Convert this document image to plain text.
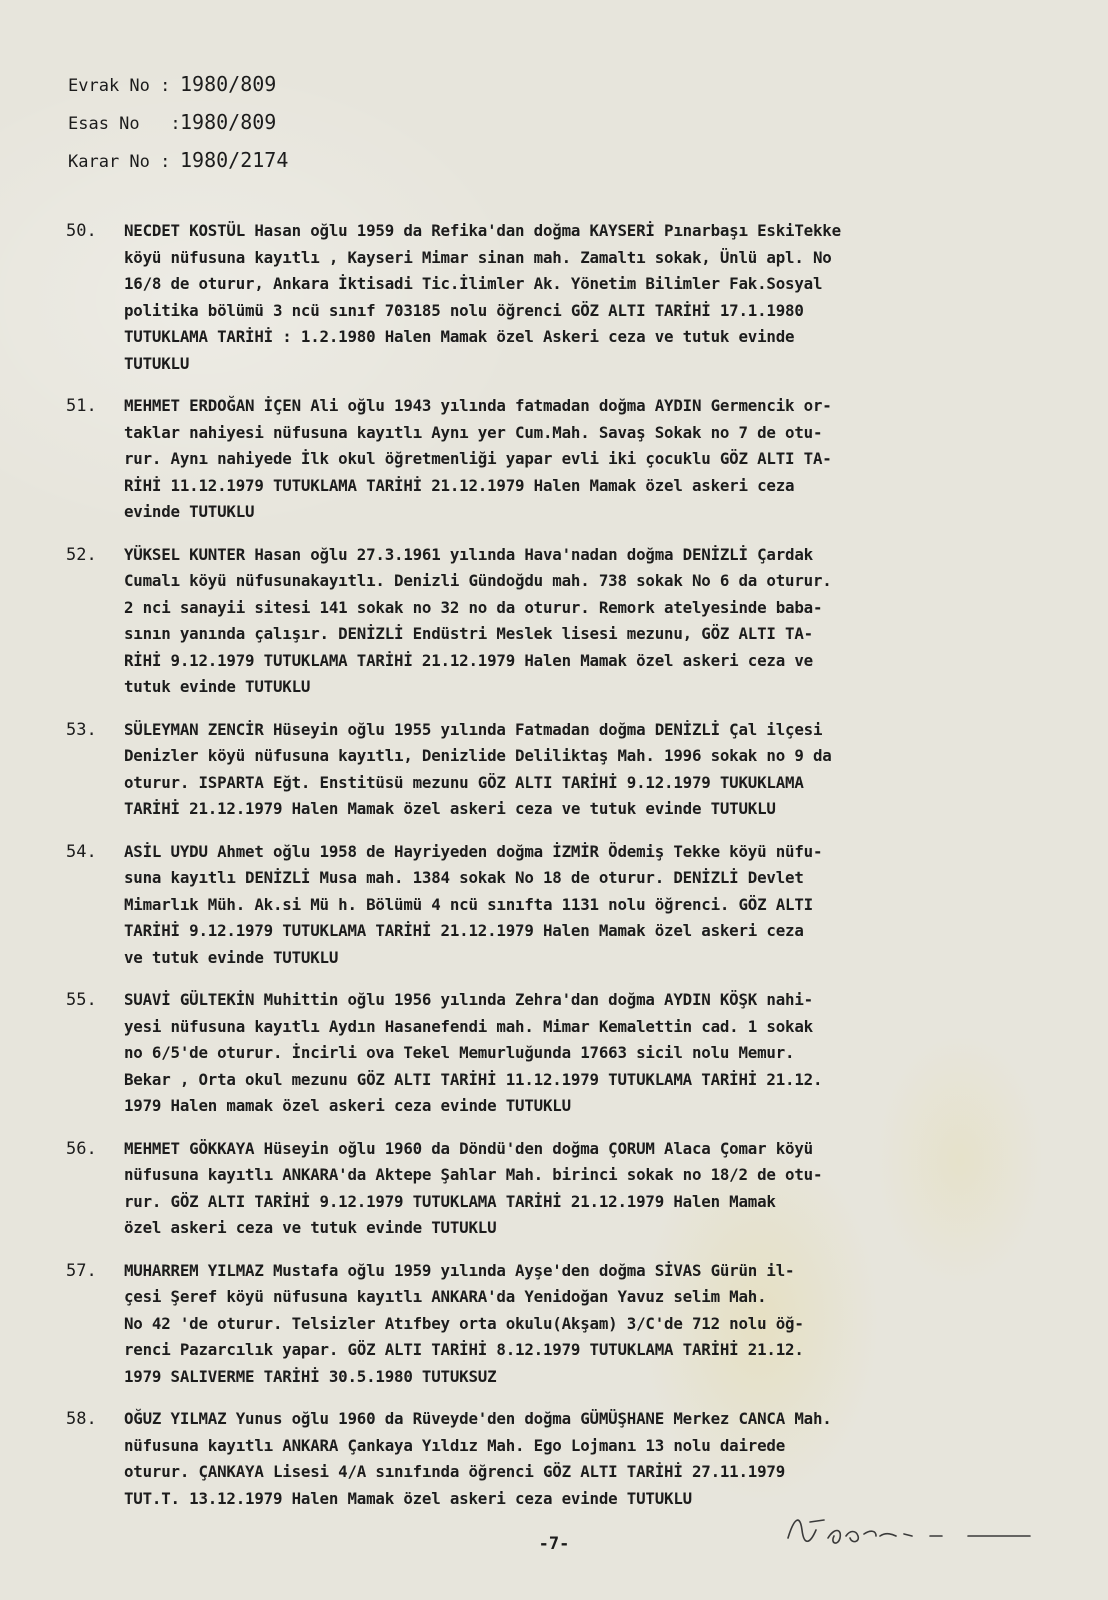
Evrak No : 1980/809
Esas No   : 1980/809
Karar No : 1980/2174
50.	NECDET KOSTÜL Hasan oğlu 1959 da Refika'dan doğma KAYSERİ Pınarbaşı EskiTekke
köyü nüfusuna kayıtlı , Kayseri Mimar sinan mah. Zamaltı sokak, Ünlü apl. No
16/8 de oturur, Ankara İktisadi Tic.İlimler Ak. Yönetim Bilimler Fak.Sosyal
politika bölümü 3 ncü sınıf 703185 nolu öğrenci GÖZ ALTI TARİHİ 17.1.1980
TUTUKLAMA TARİHİ : 1.2.1980 Halen Mamak özel Askeri ceza ve tutuk evinde
TUTUKLU
51.	MEHMET ERDOĞAN İÇEN Ali oğlu 1943 yılında fatmadan doğma AYDIN Germencik or-
taklar nahiyesi nüfusuna kayıtlı Aynı yer Cum.Mah. Savaş Sokak no 7 de otu-
rur. Aynı nahiyede İlk okul öğretmenliği yapar evli iki çocuklu GÖZ ALTI TA-
RİHİ 11.12.1979 TUTUKLAMA TARİHİ 21.12.1979 Halen Mamak özel askeri ceza
evinde TUTUKLU
52.	YÜKSEL KUNTER Hasan oğlu 27.3.1961 yılında Hava'nadan doğma DENİZLİ Çardak
Cumalı köyü nüfusunakayıtlı. Denizli Gündoğdu mah. 738 sokak No 6 da oturur.
2 nci sanayii sitesi 141 sokak no 32 no da oturur. Remork atelyesinde baba-
sının yanında çalışır. DENİZLİ Endüstri Meslek lisesi mezunu, GÖZ ALTI TA-
RİHİ 9.12.1979 TUTUKLAMA TARİHİ 21.12.1979 Halen Mamak özel askeri ceza ve
tutuk evinde TUTUKLU
53.	SÜLEYMAN ZENCİR Hüseyin oğlu 1955 yılında Fatmadan doğma DENİZLİ Çal ilçesi
Denizler köyü nüfusuna kayıtlı, Denizlide Deliliktaş Mah. 1996 sokak no 9 da
oturur. ISPARTA Eğt. Enstitüsü mezunu GÖZ ALTI TARİHİ 9.12.1979 TUKUKLAMA
TARİHİ 21.12.1979 Halen Mamak özel askeri ceza ve tutuk evinde TUTUKLU
54.	ASİL UYDU Ahmet oğlu 1958 de Hayriyeden doğma İZMİR Ödemiş Tekke köyü nüfu-
suna kayıtlı DENİZLİ Musa mah. 1384 sokak No 18 de oturur. DENİZLİ Devlet
Mimarlık Müh. Ak.si Mü h. Bölümü 4 ncü sınıfta 1131 nolu öğrenci. GÖZ ALTI
TARİHİ 9.12.1979 TUTUKLAMA TARİHİ 21.12.1979 Halen Mamak özel askeri ceza
ve tutuk evinde TUTUKLU
55.	SUAVİ GÜLTEKİN Muhittin oğlu 1956 yılında Zehra'dan doğma AYDIN KÖŞK nahi-
yesi nüfusuna kayıtlı Aydın Hasanefendi mah. Mimar Kemalettin cad. 1 sokak
no 6/5'de oturur. İncirli ova Tekel Memurluğunda 17663 sicil nolu Memur.
Bekar , Orta okul mezunu GÖZ ALTI TARİHİ 11.12.1979 TUTUKLAMA TARİHİ 21.12.
1979 Halen mamak özel askeri ceza evinde TUTUKLU
56.	MEHMET GÖKKAYA Hüseyin oğlu 1960 da Döndü'den doğma ÇORUM Alaca Çomar köyü
nüfusuna kayıtlı ANKARA'da Aktepe Şahlar Mah. birinci sokak no 18/2 de otu-
rur. GÖZ ALTI TARİHİ 9.12.1979 TUTUKLAMA TARİHİ 21.12.1979 Halen Mamak
özel askeri ceza ve tutuk evinde TUTUKLU
57.	MUHARREM YILMAZ Mustafa oğlu 1959 yılında Ayşe'den doğma SİVAS Gürün il-
çesi Şeref köyü nüfusuna kayıtlı ANKARA'da Yenidoğan Yavuz selim Mah.
No 42 'de oturur. Telsizler Atıfbey orta okulu(Akşam) 3/C'de 712 nolu öğ-
renci Pazarcılık yapar. GÖZ ALTI TARİHİ 8.12.1979 TUTUKLAMA TARİHİ 21.12.
1979 SALIVERME TARİHİ 30.5.1980 TUTUKSUZ
58.	OĞUZ YILMAZ Yunus oğlu 1960 da Rüveyde'den doğma GÜMÜŞHANE Merkez CANCA Mah.
nüfusuna kayıtlı ANKARA Çankaya Yıldız Mah. Ego Lojmanı 13 nolu dairede
oturur. ÇANKAYA Lisesi 4/A sınıfında öğrenci GÖZ ALTI TARİHİ 27.11.1979
TUT.T. 13.12.1979 Halen Mamak özel askeri ceza evinde TUTUKLU
-7-
